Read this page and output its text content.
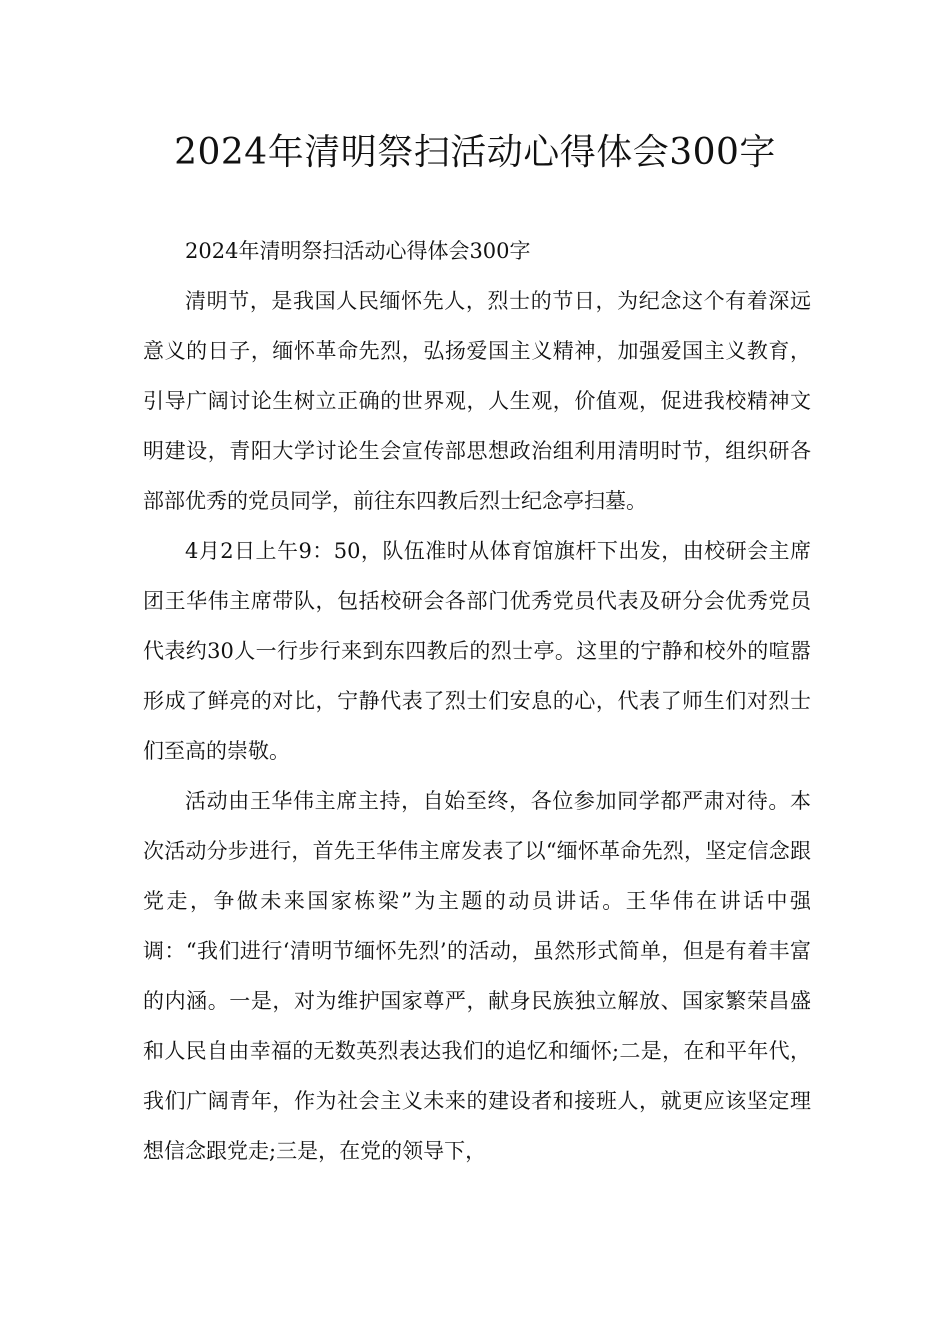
2024年清明祭扫活动心得体会300字

2024年清明祭扫活动心得体会300字

清明节，是我国人民缅怀先人，烈士的节日，为纪念这个有着深远意义的日子，缅怀革命先烈，弘扬爱国主义精神，加强爱国主义教育，引导广阔讨论生树立正确的世界观，人生观，价值观，促进我校精神文明建设，青阳大学讨论生会宣传部思想政治组利用清明时节，组织研各部部优秀的党员同学，前往东四教后烈士纪念亭扫墓。

4月2日上午9：50，队伍准时从体育馆旗杆下出发，由校研会主席团王华伟主席带队，包括校研会各部门优秀党员代表及研分会优秀党员代表约30人一行步行来到东四教后的烈士亭。这里的宁静和校外的喧嚣形成了鲜亮的对比，宁静代表了烈士们安息的心，代表了师生们对烈士们至高的崇敬。

活动由王华伟主席主持，自始至终，各位参加同学都严肃对待。本次活动分步进行，首先王华伟主席发表了以“缅怀革命先烈，坚定信念跟党走，争做未来国家栋梁”为主题的动员讲话。王华伟在讲话中强调：“我们进行‘清明节缅怀先烈’的活动，虽然形式简单，但是有着丰富的内涵。一是，对为维护国家尊严，献身民族独立解放、国家繁荣昌盛和人民自由幸福的无数英烈表达我们的追忆和缅怀;二是，在和平年代，我们广阔青年，作为社会主义未来的建设者和接班人，就更应该坚定理想信念跟党走;三是，在党的领导下，
